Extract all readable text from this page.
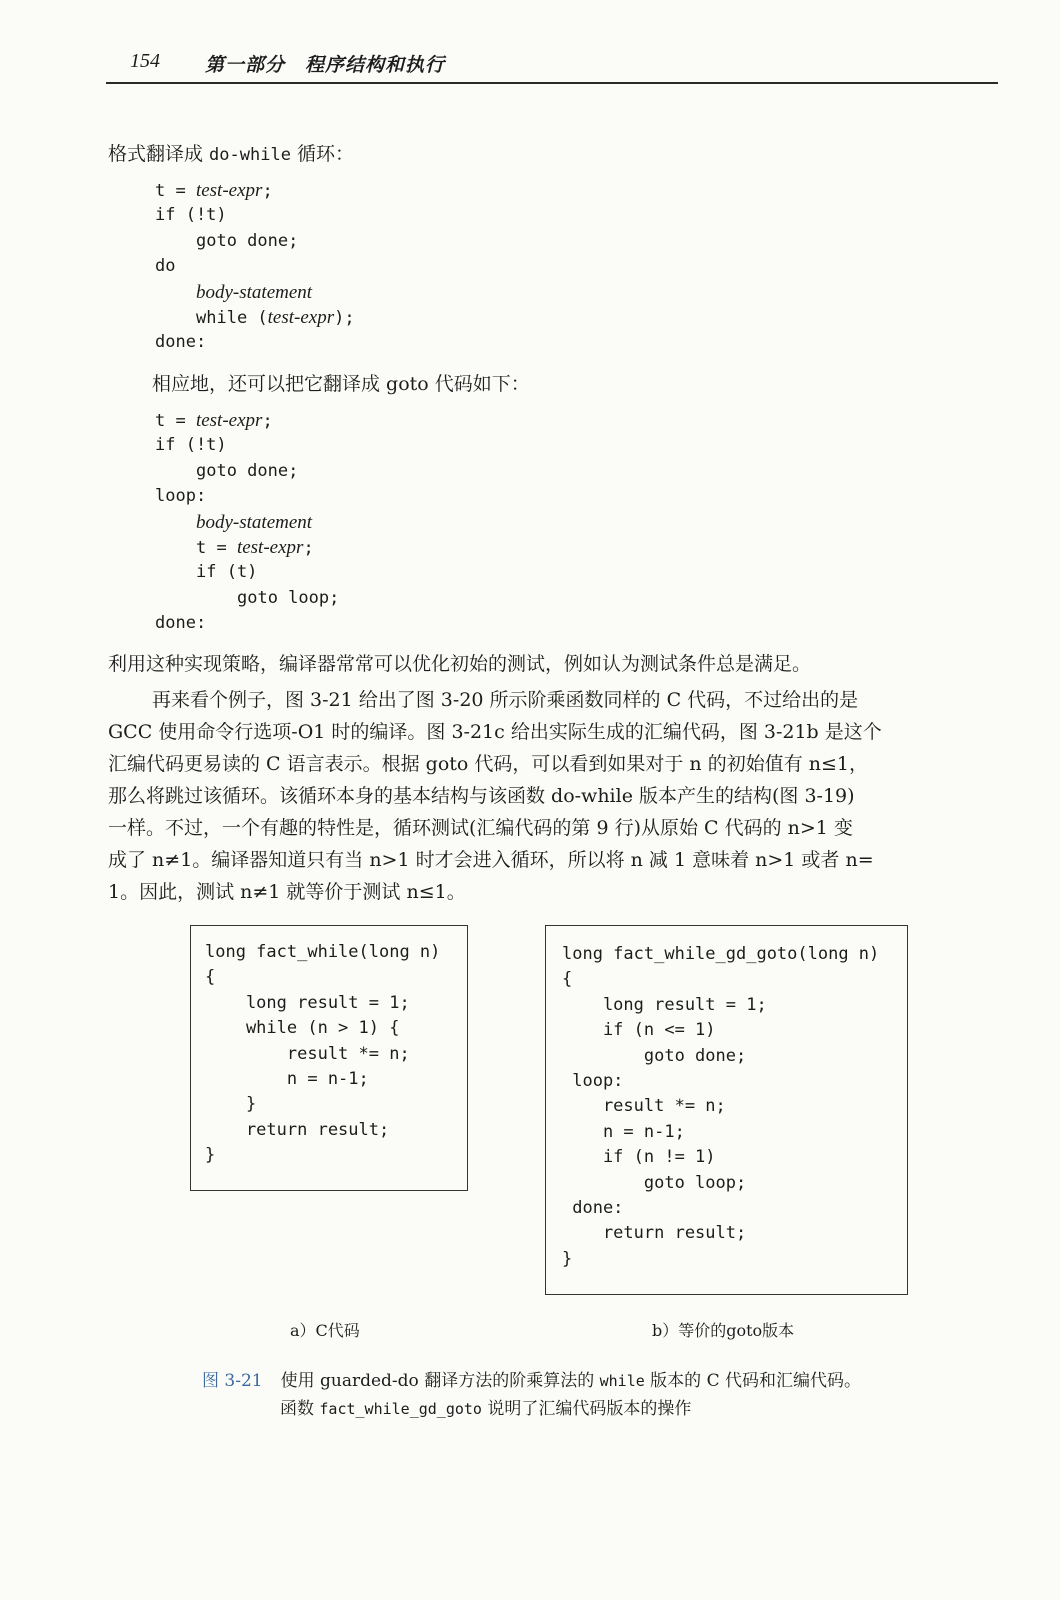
154 第一部分　程序结构和执行
格式翻译成 do-while 循环：
t = test-expr;
if (!t)
goto done;
do
body-statement
while (test-expr);
done:
相应地，还可以把它翻译成 goto 代码如下：
t = test-expr;
if (!t)
goto done;
loop:
body-statement
t = test-expr;
if (t)
goto loop;
done:
利用这种实现策略，编译器常常可以优化初始的测试，例如认为测试条件总是满足。
再来看个例子，图 3-21 给出了图 3-20 所示阶乘函数同样的 C 代码，不过给出的是
GCC 使用命令行选项-O1 时的编译。图 3-21c 给出实际生成的汇编代码，图 3-21b 是这个
汇编代码更易读的 C 语言表示。根据 goto 代码，可以看到如果对于 n 的初始值有 n≤1，
那么将跳过该循环。该循环本身的基本结构与该函数 do-while 版本产生的结构(图 3-19)
一样。不过，一个有趣的特性是，循环测试(汇编代码的第 9 行)从原始 C 代码的 n>1 变
成了 n≠1。编译器知道只有当 n>1 时才会进入循环，所以将 n 减 1 意味着 n>1 或者 n=
1。因此，测试 n≠1 就等价于测试 n≤1。
long fact_while(long n)
{
long result = 1;
while (n > 1) {
result *= n;
n = n-1;
}
return result;
}
a）C代码
long fact_while_gd_goto(long n)
{
long result = 1;
if (n <= 1)
goto done;
loop:
result *= n;
n = n-1;
if (n != 1)
goto loop;
done:
return result;
}
b）等价的goto版本
图 3-21 使用 guarded-do 翻译方法的阶乘算法的 while 版本的 C 代码和汇编代码。
函数 fact_while_gd_goto 说明了汇编代码版本的操作
